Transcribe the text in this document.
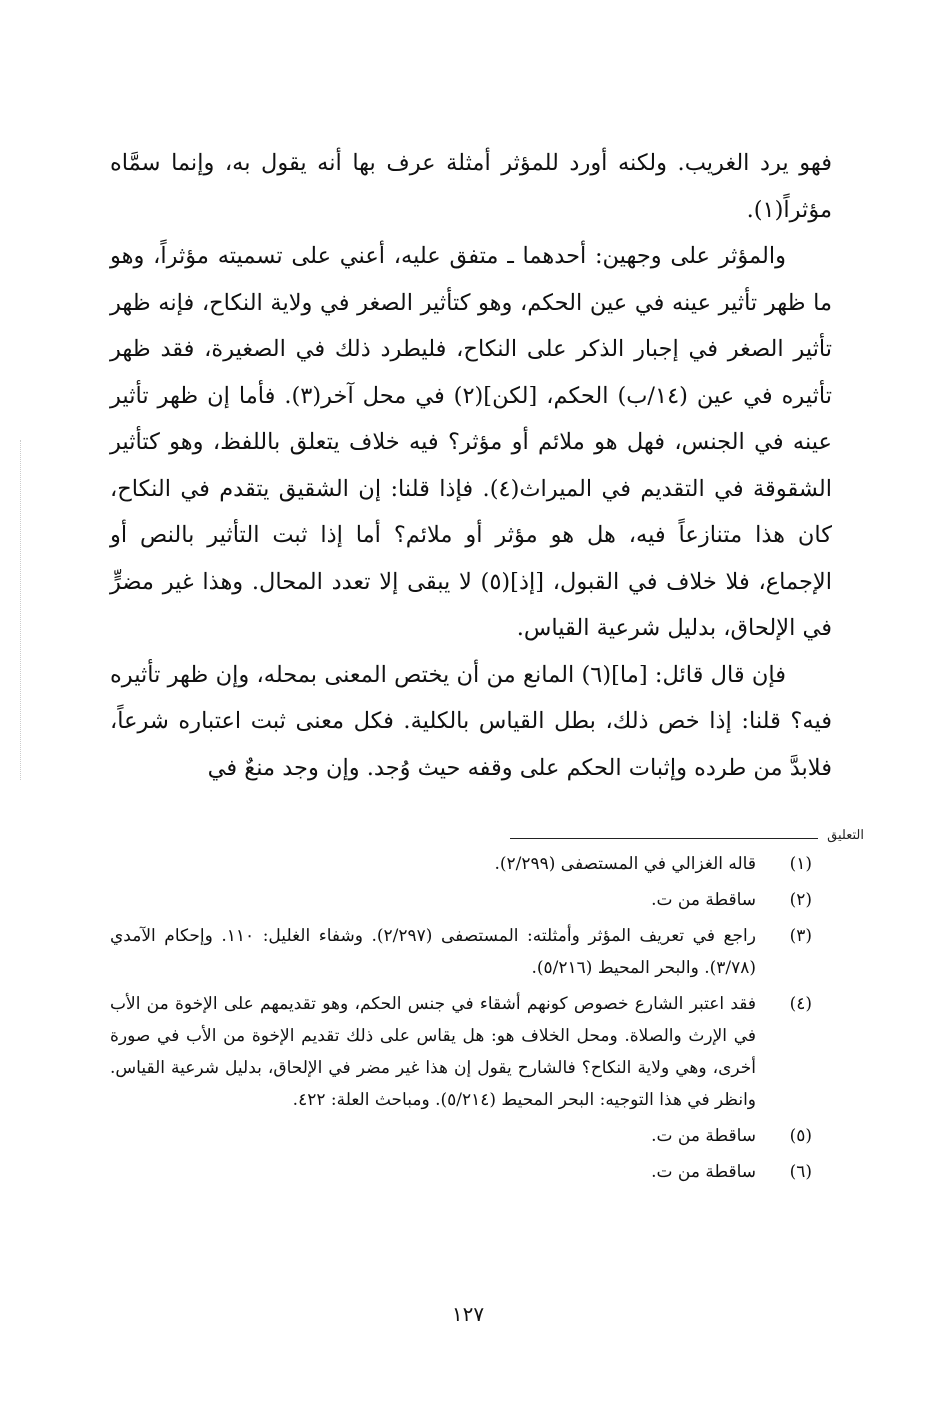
فهو يرد الغريب. ولكنه أورد للمؤثر أمثلة عرف بها أنه يقول به، وإنما سمَّاه مؤثراً(١).

والمؤثر على وجهين: أحدهما ـ متفق عليه، أعني على تسميته مؤثراً، وهو ما ظهر تأثير عينه في عين الحكم، وهو كتأثير الصغر في ولاية النكاح، فإنه ظهر تأثير الصغر في إجبار الذكر على النكاح، فليطرد ذلك في الصغيرة، فقد ظهر تأثيره في عين (١٤/ب) الحكم، [لكن](٢) في محل آخر(٣). فأما إن ظهر تأثير عينه في الجنس، فهل هو ملائم أو مؤثر؟ فيه خلاف يتعلق باللفظ، وهو كتأثير الشقوقة في التقديم في الميراث(٤). فإذا قلنا: إن الشقيق يتقدم في النكاح، كان هذا متنازعاً فيه، هل هو مؤثر أو ملائم؟ أما إذا ثبت التأثير بالنص أو الإجماع، فلا خلاف في القبول، [إذ](٥) لا يبقى إلا تعدد المحال. وهذا غير مضرٍّ في الإلحاق، بدليل شرعية القياس.

فإن قال قائل: [ما](٦) المانع من أن يختص المعنى بمحله، وإن ظهر تأثيره فيه؟ قلنا: إذا خص ذلك، بطل القياس بالكلية. فكل معنى ثبت اعتباره شرعاً، فلابدَّ من طرده وإثبات الحكم على وقفه حيث وُجد. وإن وجد منعٌ في

التعليق
(١)
قاله الغزالي في المستصفى (٢/٢٩٩).
(٢)
ساقطة من ت.
(٣)
راجع في تعريف المؤثر وأمثلته: المستصفى (٢/٢٩٧). وشفاء الغليل: ١١٠. وإحكام الآمدي (٣/٧٨). والبحر المحيط (٥/٢١٦).
(٤)
فقد اعتبر الشارع خصوص كونهم أشقاء في جنس الحكم، وهو تقديمهم على الإخوة من الأب في الإرث والصلاة. ومحل الخلاف هو: هل يقاس على ذلك تقديم الإخوة من الأب في صورة أخرى، وهي ولاية النكاح؟ فالشارح يقول إن هذا غير مضر في الإلحاق، بدليل شرعية القياس. وانظر في هذا التوجيه: البحر المحيط (٥/٢١٤). ومباحث العلة: ٤٢٢.
(٥)
ساقطة من ت.
(٦)
ساقطة من ت.
١٢٧
